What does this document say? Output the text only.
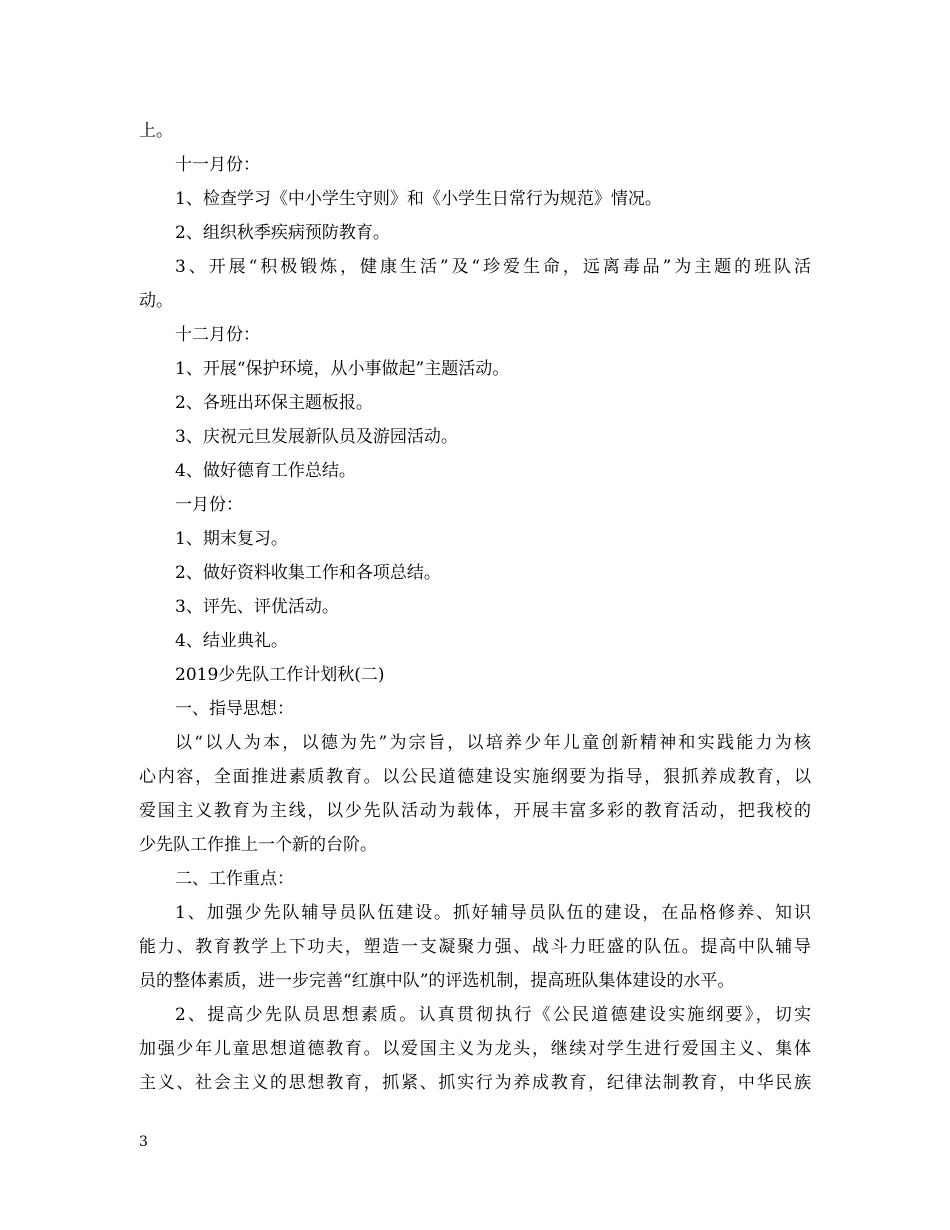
上。
十一月份：
1、检查学习《中小学生守则》和《小学生日常行为规范》情况。
2、组织秋季疾病预防教育。
3、开展“积极锻炼，健康生活”及“珍爱生命，远离毒品”为主题的班队活
动。
十二月份：
1、开展“保护环境，从小事做起”主题活动。
2、各班出环保主题板报。
3、庆祝元旦发展新队员及游园活动。
4、做好德育工作总结。
一月份：
1、期末复习。
2、做好资料收集工作和各项总结。
3、评先、评优活动。
4、结业典礼。
2019少先队工作计划秋(二)
一、指导思想：
以“以人为本，以德为先”为宗旨，以培养少年儿童创新精神和实践能力为核
心内容，全面推进素质教育。以公民道德建设实施纲要为指导，狠抓养成教育，以
爱国主义教育为主线，以少先队活动为载体，开展丰富多彩的教育活动，把我校的
少先队工作推上一个新的台阶。
二、工作重点：
1、加强少先队辅导员队伍建设。抓好辅导员队伍的建设，在品格修养、知识
能力、教育教学上下功夫，塑造一支凝聚力强、战斗力旺盛的队伍。提高中队辅导
员的整体素质，进一步完善“红旗中队”的评选机制，提高班队集体建设的水平。
2、提高少先队员思想素质。认真贯彻执行《公民道德建设实施纲要》，切实
加强少年儿童思想道德教育。以爱国主义为龙头，继续对学生进行爱国主义、集体
主义、社会主义的思想教育，抓紧、抓实行为养成教育，纪律法制教育，中华民族
3
